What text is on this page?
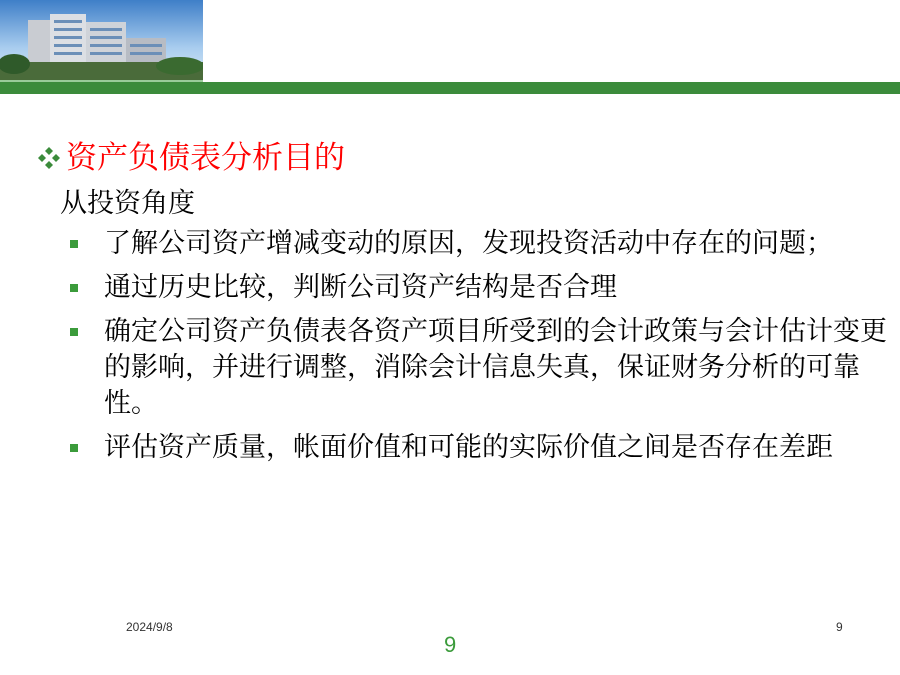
资产负债表分析目的
从投资角度
了解公司资产增减变动的原因，发现投资活动中存在的问题；
通过历史比较，判断公司资产结构是否合理
确定公司资产负债表各资产项目所受到的会计政策与会计估计变更的影响，并进行调整，消除会计信息失真，保证财务分析的可靠性。
评估资产质量，帐面价值和可能的实际价值之间是否存在差距
2024/9/8	9
9
